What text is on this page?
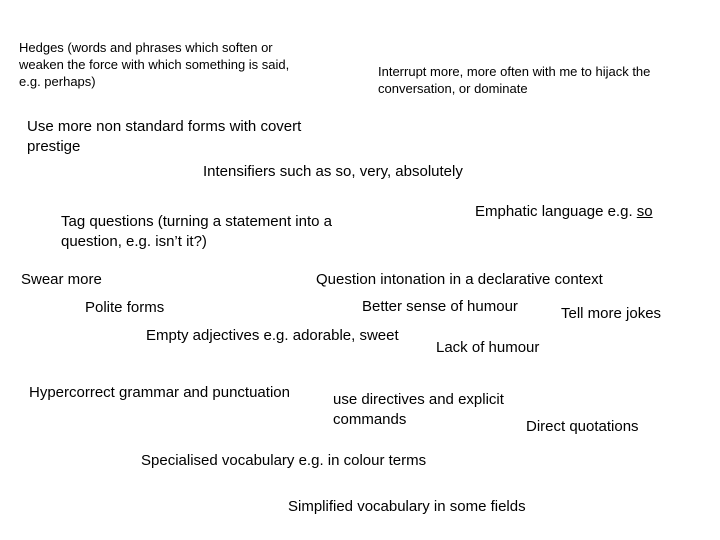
Hedges (words and phrases which soften or
weaken the force with which something is said,
e.g. perhaps)
Interrupt more, more often with me to hijack the
conversation, or dominate
Use more non standard forms with covert
prestige
Intensifiers such as so, very, absolutely
Tag questions (turning a statement into a
question, e.g. isn’t it?)
Emphatic language e.g. so
Swear more	Question intonation in a declarative context
Polite forms	Better sense of humour	Tell more jokes
Empty adjectives e.g. adorable, sweet
Lack of humour
Hypercorrect grammar and punctuation	use directives and explicit
commands	Direct quotations
Specialised vocabulary e.g. in colour terms
Simplified vocabulary in some fields
